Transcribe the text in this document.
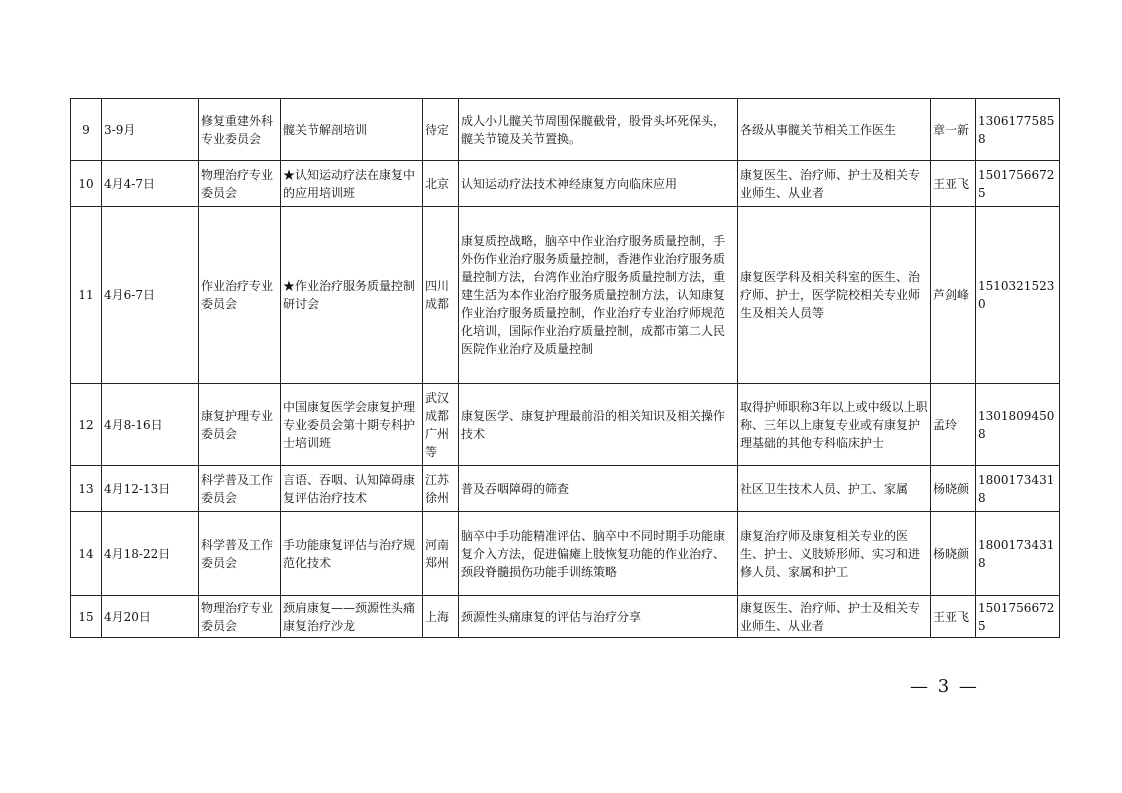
9	3-9月	修复重建外科专业委员会	髋关节解剖培训	待定	成人小儿髋关节周围保髋截骨，股骨头坏死保头，髋关节镜及关节置换。	各级从事髋关节相关工作医生	章一新	13061775858
10	4月4-7日	物理治疗专业委员会	★认知运动疗法在康复中的应用培训班	北京	认知运动疗法技术神经康复方向临床应用	康复医生、治疗师、护士及相关专业师生、从业者	王亚飞	15017566725
11	4月6-7日	作业治疗专业委员会	★作业治疗服务质量控制研讨会	四川成都	康复质控战略，脑卒中作业治疗服务质量控制，手外伤作业治疗服务质量控制，香港作业治疗服务质量控制方法，台湾作业治疗服务质量控制方法，重建生活为本作业治疗服务质量控制方法，认知康复作业治疗服务质量控制，作业治疗专业治疗师规范化培训，国际作业治疗质量控制，成都市第二人民医院作业治疗及质量控制	康复医学科及相关科室的医生、治疗师、护士，医学院校相关专业师生及相关人员等	芦剑峰	15103215230
12	4月8-16日	康复护理专业委员会	中国康复医学会康复护理专业委员会第十期专科护士培训班	武汉成都广州等	康复医学、康复护理最前沿的相关知识及相关操作技术	取得护师职称3年以上或中级以上职称、三年以上康复专业或有康复护理基础的其他专科临床护士	孟玲	13018094508
13	4月12-13日	科学普及工作委员会	言语、吞咽、认知障碍康复评估治疗技术	江苏徐州	普及吞咽障碍的筛查	社区卫生技术人员、护工、家属	杨晓颜	18001734318
14	4月18-22日	科学普及工作委员会	手功能康复评估与治疗规范化技术	河南郑州	脑卒中手功能精准评估、脑卒中不同时期手功能康复介入方法，促进偏瘫上肢恢复功能的作业治疗、颈段脊髓损伤功能手训练策略	康复治疗师及康复相关专业的医生、护士、义肢矫形师、实习和进修人员、家属和护工	杨晓颜	18001734318
15	4月20日	物理治疗专业委员会	颈肩康复——颈源性头痛康复治疗沙龙	上海	颈源性头痛康复的评估与治疗分享	康复医生、治疗师、护士及相关专业师生、从业者	王亚飞	15017566725
— 3 —
